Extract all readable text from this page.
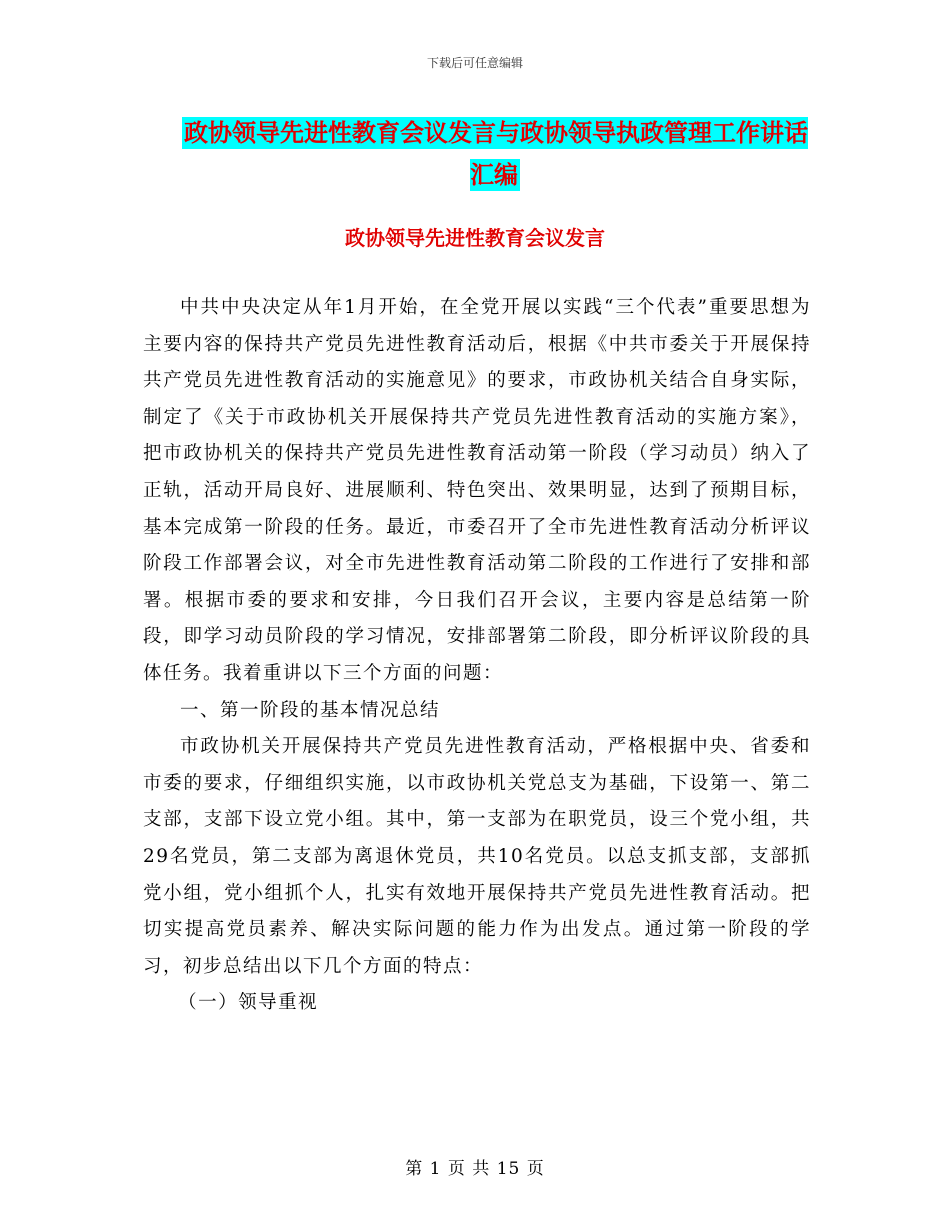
下载后可任意编辑
政协领导先进性教育会议发言与政协领导执政管理工作讲话汇编
政协领导先进性教育会议发言

中共中央决定从年1月开始，在全党开展以实践“三个代表”重要思想为主要内容的保持共产党员先进性教育活动后，根据《中共市委关于开展保持共产党员先进性教育活动的实施意见》的要求，市政协机关结合自身实际，制定了《关于市政协机关开展保持共产党员先进性教育活动的实施方案》，把市政协机关的保持共产党员先进性教育活动第一阶段（学习动员）纳入了正轨，活动开局良好、进展顺利、特色突出、效果明显，达到了预期目标，基本完成第一阶段的任务。最近，市委召开了全市先进性教育活动分析评议阶段工作部署会议，对全市先进性教育活动第二阶段的工作进行了安排和部署。根据市委的要求和安排，今日我们召开会议，主要内容是总结第一阶段，即学习动员阶段的学习情况，安排部署第二阶段，即分析评议阶段的具体任务。我着重讲以下三个方面的问题：

一、第一阶段的基本情况总结

市政协机关开展保持共产党员先进性教育活动，严格根据中央、省委和市委的要求，仔细组织实施，以市政协机关党总支为基础，下设第一、第二支部，支部下设立党小组。其中，第一支部为在职党员，设三个党小组，共29名党员，第二支部为离退休党员，共10名党员。以总支抓支部，支部抓党小组，党小组抓个人，扎实有效地开展保持共产党员先进性教育活动。把切实提高党员素养、解决实际问题的能力作为出发点。通过第一阶段的学习，初步总结出以下几个方面的特点：

（一）领导重视

第 1 页 共 15 页
